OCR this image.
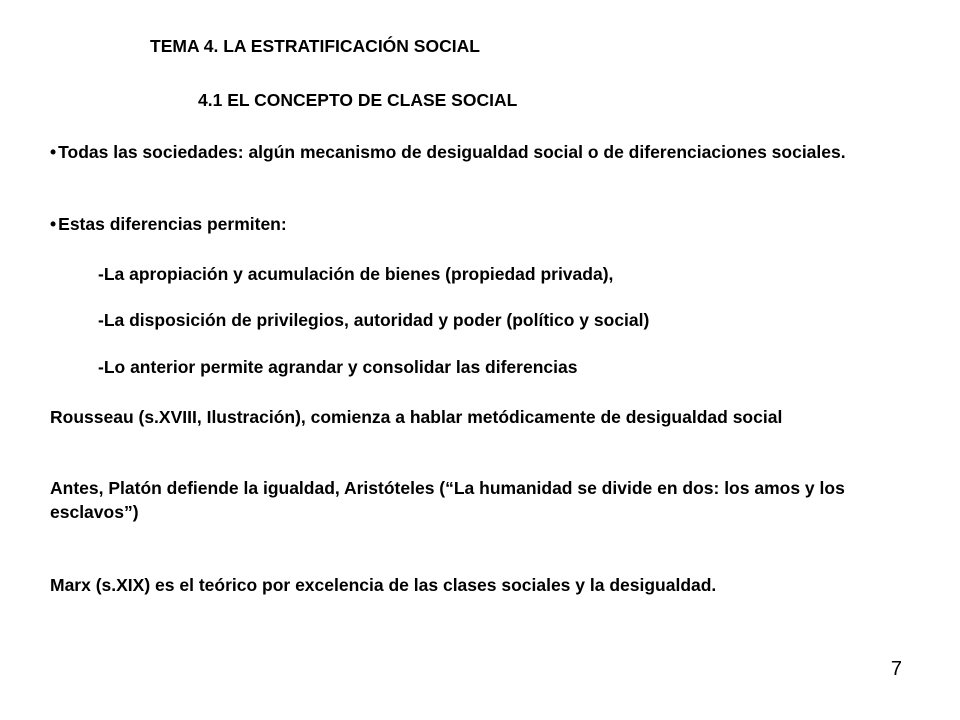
TEMA 4. LA ESTRATIFICACIÓN SOCIAL
4.1 EL CONCEPTO DE CLASE SOCIAL
• Todas las sociedades: algún mecanismo de desigualdad social o de diferenciaciones sociales.
• Estas diferencias permiten:
-La apropiación y acumulación de bienes (propiedad privada),
-La disposición de privilegios, autoridad y poder (político y social)
-Lo anterior permite agrandar y consolidar las diferencias
Rousseau (s.XVIII, Ilustración), comienza a hablar metódicamente de desigualdad social
Antes, Platón defiende la igualdad, Aristóteles (“La humanidad se divide en dos: los amos y los esclavos”)
Marx (s.XIX) es el teórico por excelencia de las clases sociales y la desigualdad.
7
